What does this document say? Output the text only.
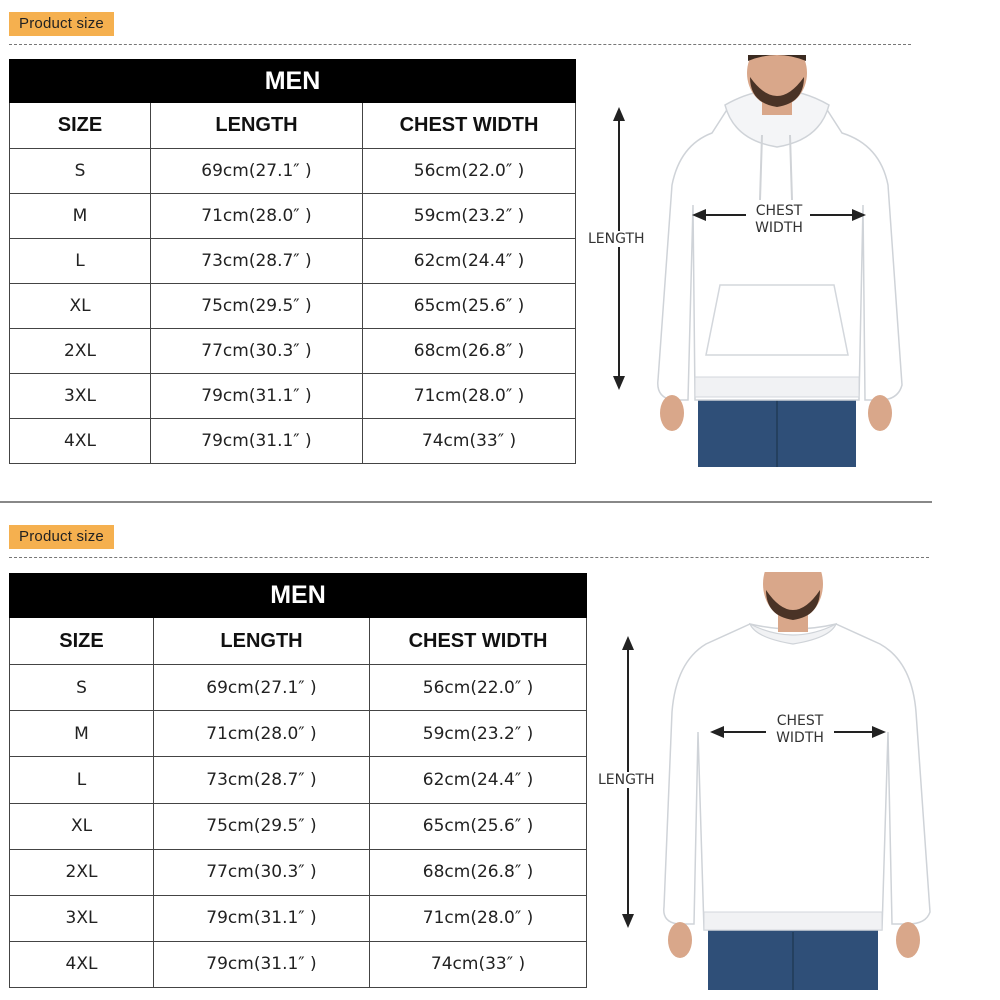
Product size
MEN		
SIZE	LENGTH	CHEST WIDTH
S	69cm(27.1″ )	56cm(22.0″ )
M	71cm(28.0″ )	59cm(23.2″ )
L	73cm(28.7″ )	62cm(24.4″ )
XL	75cm(29.5″ )	65cm(25.6″ )
2XL	77cm(30.3″ )	68cm(26.8″ )
3XL	79cm(31.1″ )	71cm(28.0″ )
4XL	79cm(31.1″ )	74cm(33″ )
LENGTH
CHEST
WIDTH
Product size
MEN		
SIZE	LENGTH	CHEST WIDTH
S	69cm(27.1″ )	56cm(22.0″ )
M	71cm(28.0″ )	59cm(23.2″ )
L	73cm(28.7″ )	62cm(24.4″ )
XL	75cm(29.5″ )	65cm(25.6″ )
2XL	77cm(30.3″ )	68cm(26.8″ )
3XL	79cm(31.1″ )	71cm(28.0″ )
4XL	79cm(31.1″ )	74cm(33″ )
LENGTH
CHEST
WIDTH
